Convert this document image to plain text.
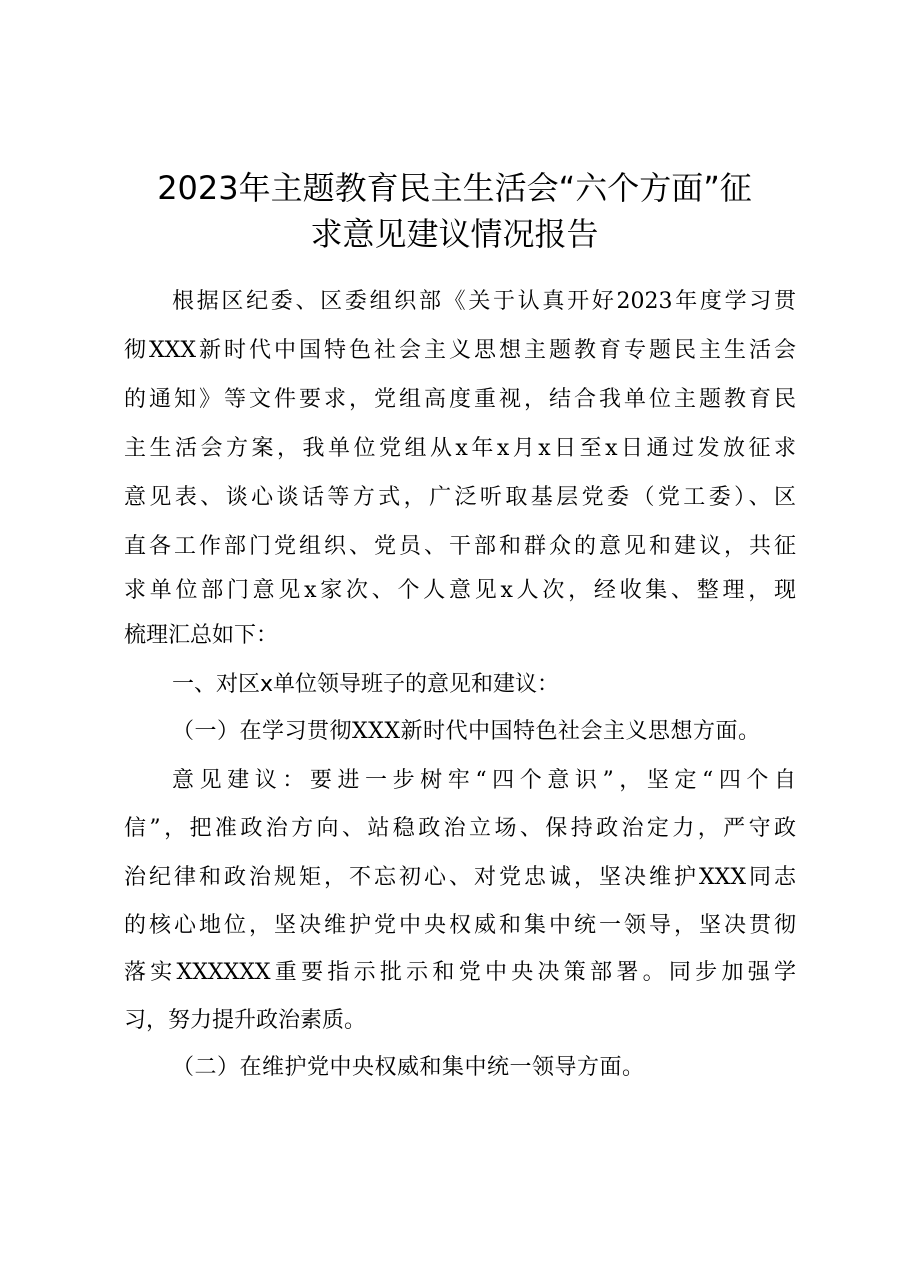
2023年主题教育民主生活会“六个方面”征
求意见建议情况报告
根据区纪委、区委组织部《关于认真开好2023年度学习贯
彻XXX新时代中国特色社会主义思想主题教育专题民主生活会
的通知》等文件要求，党组高度重视，结合我单位主题教育民
主生活会方案，我单位党组从x年x月x日至x日通过发放征求
意见表、谈心谈话等方式，广泛听取基层党委（党工委）、区
直各工作部门党组织、党员、干部和群众的意见和建议，共征
求单位部门意见x家次、个人意见x人次，经收集、整理，现
梳理汇总如下：
一、对区x单位领导班子的意见和建议：
（一）在学习贯彻XXX新时代中国特色社会主义思想方面。
意见建议：要进一步树牢“四个意识”，坚定“四个自
信”，把准政治方向、站稳政治立场、保持政治定力，严守政
治纪律和政治规矩，不忘初心、对党忠诚，坚决维护XXX同志
的核心地位，坚决维护党中央权威和集中统一领导，坚决贯彻
落实XXXXXX重要指示批示和党中央决策部署。同步加强学
习，努力提升政治素质。
（二）在维护党中央权威和集中统一领导方面。
